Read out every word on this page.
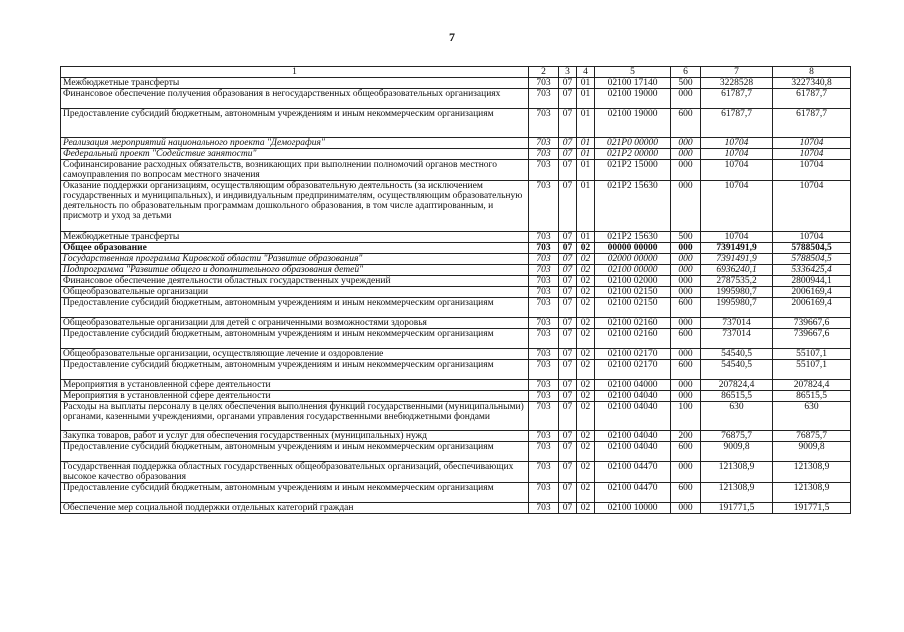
7
1	2	3	4	5	6	7	8
Межбюджетные трансферты	703	07	01	02100 17140	500	3228528	3227340,8
Финансовое обеспечение получения образования в негосударственных общеобразовательных организациях	703	07	01	02100 19000	000	61787,7	61787,7
Предоставление субсидий бюджетным, автономным учреждениям и иным некоммерческим организациям	703	07	01	02100 19000	600	61787,7	61787,7
Реализация мероприятий национального проекта "Демография"	703	07	01	021P0 00000	000	10704	10704
Федеральный проект "Содействие занятости"	703	07	01	021P2 00000	000	10704	10704
Софинансирование расходных обязательств, возникающих при выполнении полномочий органов местного самоуправления по вопросам местного значения	703	07	01	021P2 15000	000	10704	10704
Оказание поддержки организациям, осуществляющим образовательную деятельность (за исключением государственных и муниципальных), и индивидуальным предпринимателям, осуществляющим образовательную деятельность по образовательным программам дошкольного образования, в том числе адаптированным, и присмотр и уход за детьми	703	07	01	021P2 15630	000	10704	10704
Межбюджетные трансферты	703	07	01	021P2 15630	500	10704	10704
Общее образование	703	07	02	00000 00000	000	7391491,9	5788504,5
Государственная программа Кировской области "Развитие образования"	703	07	02	02000 00000	000	7391491,9	5788504,5
Подпрограмма "Развитие общего и дополнительного образования детей"	703	07	02	02100 00000	000	6936240,1	5336425,4
Финансовое обеспечение деятельности областных государственных учреждений	703	07	02	02100 02000	000	2787535,2	2800944,1
Общеобразовательные организации	703	07	02	02100 02150	000	1995980,7	2006169,4
Предоставление субсидий бюджетным, автономным учреждениям и иным некоммерческим организациям	703	07	02	02100 02150	600	1995980,7	2006169,4
Общеобразовательные организации для детей с ограниченными возможностями здоровья	703	07	02	02100 02160	000	737014	739667,6
Предоставление субсидий бюджетным, автономным учреждениям и иным некоммерческим организациям	703	07	02	02100 02160	600	737014	739667,6
Общеобразовательные организации, осуществляющие лечение и оздоровление	703	07	02	02100 02170	000	54540,5	55107,1
Предоставление субсидий бюджетным, автономным учреждениям и иным некоммерческим организациям	703	07	02	02100 02170	600	54540,5	55107,1
Мероприятия в установленной сфере деятельности	703	07	02	02100 04000	000	207824,4	207824,4
Мероприятия в установленной сфере деятельности	703	07	02	02100 04040	000	86515,5	86515,5
Расходы на выплаты персоналу в целях обеспечения выполнения функций государственными (муниципальными) органами, казенными учреждениями, органами управления государственными внебюджетными фондами	703	07	02	02100 04040	100	630	630
Закупка товаров, работ и услуг для обеспечения государственных (муниципальных) нужд	703	07	02	02100 04040	200	76875,7	76875,7
Предоставление субсидий бюджетным, автономным учреждениям и иным некоммерческим организациям	703	07	02	02100 04040	600	9009,8	9009,8
Государственная поддержка областных государственных общеобразовательных организаций, обеспечивающих высокое качество образования	703	07	02	02100 04470	000	121308,9	121308,9
Предоставление субсидий бюджетным, автономным учреждениям и иным некоммерческим организациям	703	07	02	02100 04470	600	121308,9	121308,9
Обеспечение мер социальной поддержки отдельных категорий граждан	703	07	02	02100 10000	000	191771,5	191771,5
